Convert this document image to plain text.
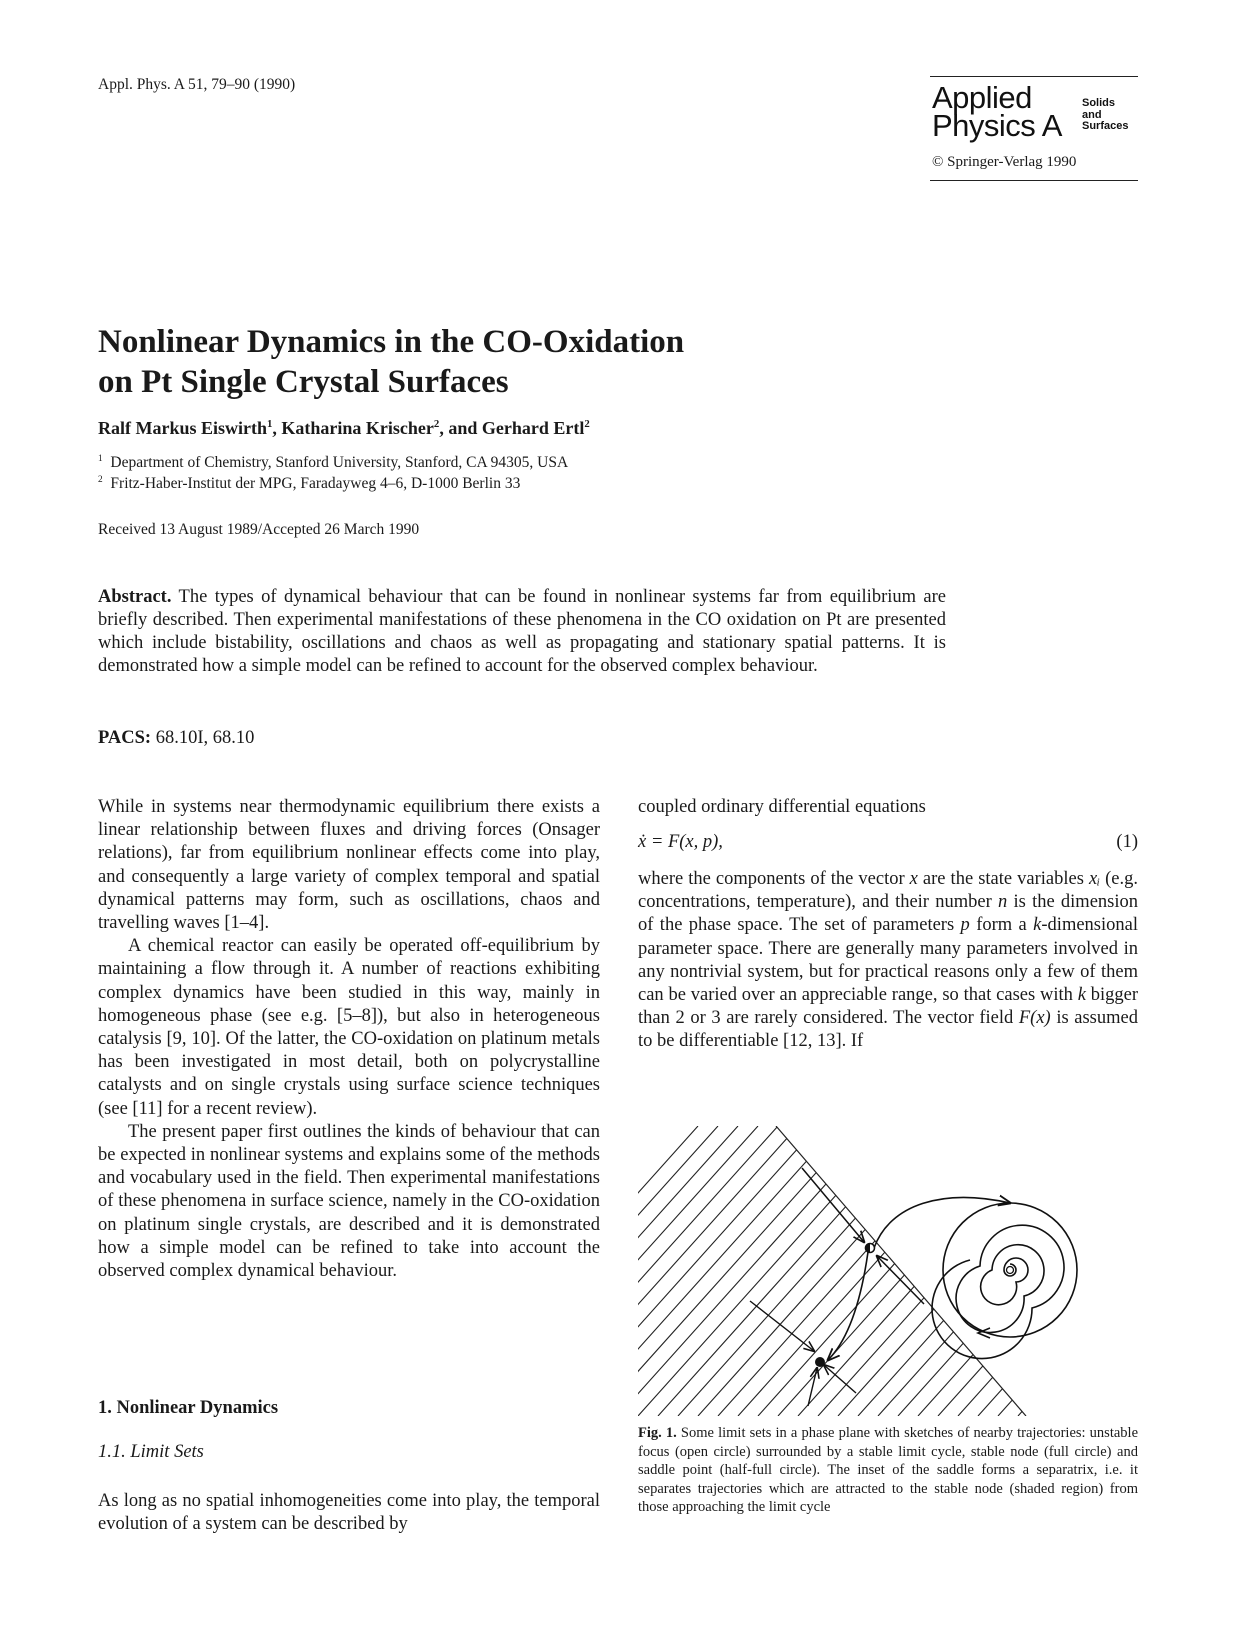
Appl. Phys. A 51, 79–90 (1990)	Applied
Physics A
Solids
and
Surfaces
© Springer-Verlag 1990
Nonlinear Dynamics in the CO-Oxidation
on Pt Single Crystal Surfaces
Ralf Markus Eiswirth$^1$, Katharina Krischer$^2$, and Gerhard Ertl$^2$
$^1$ Department of Chemistry, Stanford University, Stanford, CA 94305, USA
$^2$ Fritz-Haber-Institut der MPG, Faradayweg 4–6, D-1000 Berlin 33
Received 13 August 1989/Accepted 26 March 1990
Abstract. The types of dynamical behaviour that can be found in nonlinear systems far from equilibrium are briefly described. Then experimental manifestations of these phenomena in the CO oxidation on Pt are presented which include bistability, oscillations and chaos as well as propagating and stationary spatial patterns. It is demonstrated how a simple model can be refined to account for the observed complex behaviour.
PACS: 68.10I, 68.10

While in systems near thermodynamic equilibrium there exists a linear relationship between fluxes and driving forces (Onsager relations), far from equilibrium nonlinear effects come into play, and consequently a large variety of complex temporal and spatial dynamical patterns may form, such as oscillations, chaos and travelling waves [1–4].

A chemical reactor can easily be operated off-equilibrium by maintaining a flow through it. A number of reactions exhibiting complex dynamics have been studied in this way, mainly in homogeneous phase (see e.g. [5–8]), but also in heterogeneous catalysis [9, 10]. Of the latter, the CO-oxidation on platinum metals has been investigated in most detail, both on polycrystalline catalysts and on single crystals using surface science techniques (see [11] for a recent review).

The present paper first outlines the kinds of behaviour that can be expected in nonlinear systems and explains some of the methods and vocabulary used in the field. Then experimental manifestations of these phenomena in surface science, namely in the CO-oxidation on platinum single crystals, are described and it is demonstrated how a simple model can be refined to take into account the observed complex dynamical behaviour.

1. Nonlinear Dynamics
1.1. Limit Sets
As long as no spatial inhomogeneities come into play, the temporal evolution of a system can be described by
coupled ordinary differential equations
ẋ = F(x, p),	(1)
where the components of the vector x are the state variables xᵢ (e.g. concentrations, temperature), and their number n is the dimension of the phase space. The set of parameters p form a k-dimensional parameter space. There are generally many parameters involved in any nontrivial system, but for practical reasons only a few of them can be varied over an appreciable range, so that cases with k bigger than 2 or 3 are rarely considered. The vector field F(x) is assumed to be differentiable [12, 13]. If
Fig. 1. Some limit sets in a phase plane with sketches of nearby trajectories: unstable focus (open circle) surrounded by a stable limit cycle, stable node (full circle) and saddle point (half-full circle). The inset of the saddle forms a separatrix, i.e. it separates trajectories which are attracted to the stable node (shaded region) from those approaching the limit cycle
